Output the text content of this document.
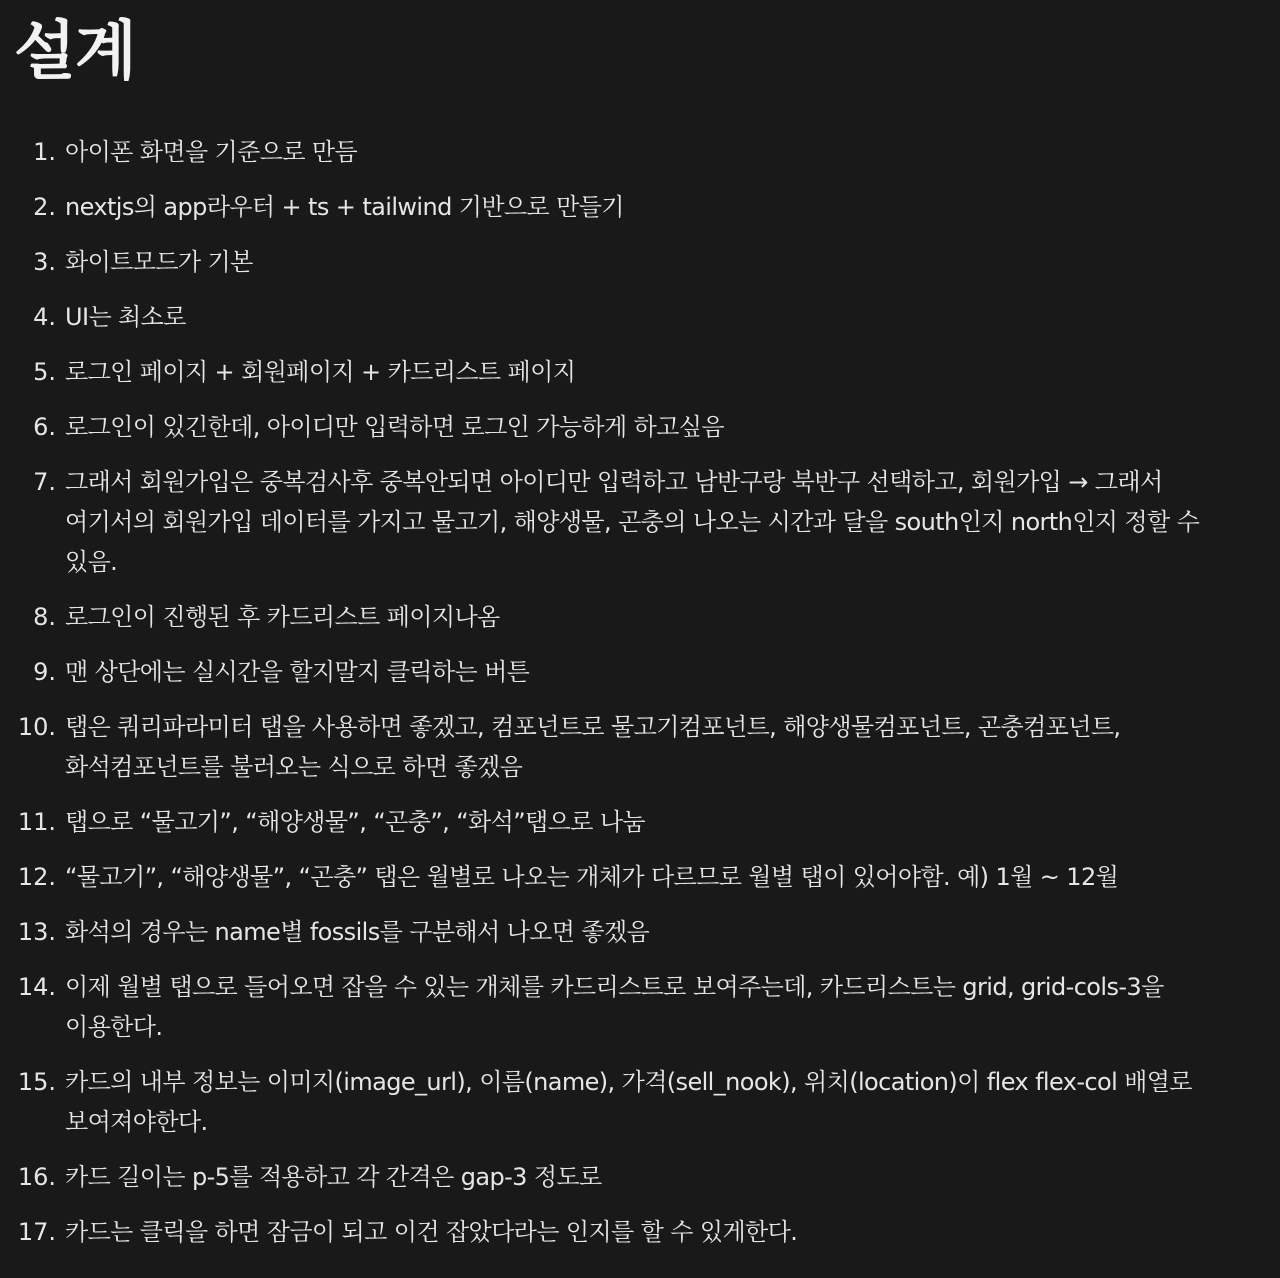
설계
1. 아이폰 화면을 기준으로 만듬
2. nextjs의 app라우터 + ts + tailwind 기반으로 만들기
3. 화이트모드가 기본
4. UI는 최소로
5. 로그인 페이지 + 회원페이지 + 카드리스트 페이지
6. 로그인이 있긴한데, 아이디만 입력하면 로그인 가능하게 하고싶음
7. 그래서 회원가입은 중복검사후 중복안되면 아이디만 입력하고 남반구랑 북반구 선택하고, 회원가입 → 그래서 여기서의 회원가입 데이터를 가지고 물고기, 해양생물, 곤충의 나오는 시간과 달을 south인지 north인지 정할 수 있음.
8. 로그인이 진행된 후 카드리스트 페이지나옴
9. 맨 상단에는 실시간을 할지말지 클릭하는 버튼
10. 탭은 쿼리파라미터 탭을 사용하면 좋겠고, 컴포넌트로 물고기컴포넌트, 해양생물컴포넌트, 곤충컴포넌트, 화석컴포넌트를 불러오는 식으로 하면 좋겠음
11. 탭으로 “물고기”, “해양생물”, “곤충”, “화석”탭으로 나눔
12. “물고기”, “해양생물”, “곤충” 탭은 월별로 나오는 개체가 다르므로 월별 탭이 있어야함. 예) 1월 ~ 12월
13. 화석의 경우는 name별 fossils를 구분해서 나오면 좋겠음
14. 이제 월별 탭으로 들어오면 잡을 수 있는 개체를 카드리스트로 보여주는데, 카드리스트는 grid, grid-cols-3을 이용한다.
15. 카드의 내부 정보는 이미지(image_url), 이름(name), 가격(sell_nook), 위치(location)이 flex flex-col 배열로 보여져야한다.
16. 카드 길이는 p-5를 적용하고 각 간격은 gap-3 정도로
17. 카드는 클릭을 하면 잠금이 되고 이건 잡았다라는 인지를 할 수 있게한다.
